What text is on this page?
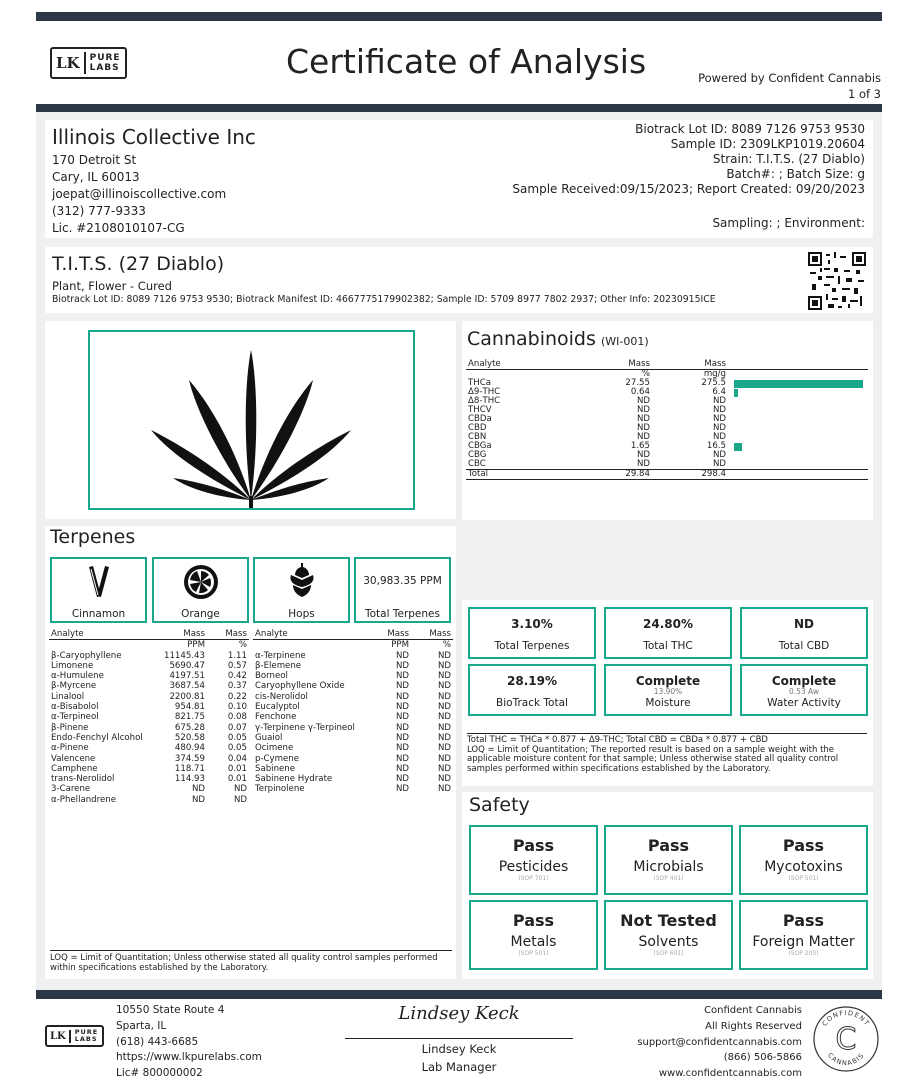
LK	PURE
LABS	Certificate of Analysis	Powered by Confident Cannabis
1 of 3
Illinois Collective Inc
170 Detroit St
Cary, IL 60013
joepat@illinoiscollective.com
(312) 777-9333
Lic. #2108010107-CG
Biotrack Lot ID: 8089 7126 9753 9530
Sample ID: 2309LKP1019.20604
Strain: T.I.T.S. (27 Diablo)
Batch#: ; Batch Size: g
Sample Received:09/15/2023; Report Created: 09/20/2023
Sampling: ; Environment:
T.I.T.S. (27 Diablo)
Plant, Flower - Cured
Biotrack Lot ID: 8089 7126 9753 9530; Biotrack Manifest ID: 4667775179902382; Sample ID: 5709 8977 7802 2937; Other Info: 20230915ICE
Cannabinoids (WI-001)
Analyte	Mass	Mass	
	%	mg/g	
THCa	27.55	275.5	

Δ9-THC	0.64	6.4	

Δ8-THC	ND	ND	
THCV	ND	ND	
CBDa	ND	ND	
CBD	ND	ND	
CBN	ND	ND	
CBGa	1.65	16.5	

CBG	ND	ND	
CBC	ND	ND	
Total	29.84	298.4	
Terpenes
Cinnamon	Orange	Hops
30,983.35 PPM
Total Terpenes
Analyte	Mass	Mass
	PPM	%
β-Caryophyllene	11145.43	1.11
Limonene	5690.47	0.57
α-Humulene	4197.51	0.42
β-Myrcene	3687.54	0.37
Linalool	2200.81	0.22
α-Bisabolol	954.81	0.10
α-Terpineol	821.75	0.08
β-Pinene	675.28	0.07
Endo-Fenchyl Alcohol	520.58	0.05
α-Pinene	480.94	0.05
Valencene	374.59	0.04
Camphene	118.71	0.01
trans-Nerolidol	114.93	0.01
3-Carene	ND	ND
α-Phellandrene	ND	ND
Analyte	Mass	Mass
	PPM	%
α-Terpinene	ND	ND
β-Elemene	ND	ND
Borneol	ND	ND
Caryophyllene Oxide	ND	ND
cis-Nerolidol	ND	ND
Eucalyptol	ND	ND
Fenchone	ND	ND
γ-Terpinene γ-Terpineol	ND	ND
Guaiol	ND	ND
Ocimene	ND	ND
p-Cymene	ND	ND
Sabinene	ND	ND
Sabinene Hydrate	ND	ND
Terpinolene	ND	ND
LOQ = Limit of Quantitation; Unless otherwise stated all quality control samples performed within specifications established by the Laboratory.
3.10%
Total Terpenes
24.80%
Total THC
ND
Total CBD
28.19%
BioTrack Total
Complete
13.90%
Moisture
Complete
0.53 Aw
Water Activity
Total THC = THCa * 0.877 + Δ9-THC; Total CBD = CBDa * 0.877 + CBD
LOQ = Limit of Quantitation; The reported result is based on a sample weight with the applicable moisture content for that sample; Unless otherwise stated all quality control samples performed within specifications established by the Laboratory.
Safety
Pass
Pesticides
(SOP 701)
Pass
Microbials
(SOP 401)
Pass
Mycotoxins
(SOP 501)
Pass
Metals
(SOP 501)
Not Tested
Solvents
(SOP 601)
Pass
Foreign Matter
(SOP 203)
LK	PURE
LABS
10550 State Route 4
Sparta, IL
(618) 443-6685
https://www.lkpurelabs.com
Lic# 800000002
Lindsey Keck
Lindsey Keck
Lab Manager
Confident Cannabis
All Rights Reserved
support@confidentcannabis.com
(866) 506-5866
www.confidentcannabis.com
CONFIDENT
CANNABIS
C
